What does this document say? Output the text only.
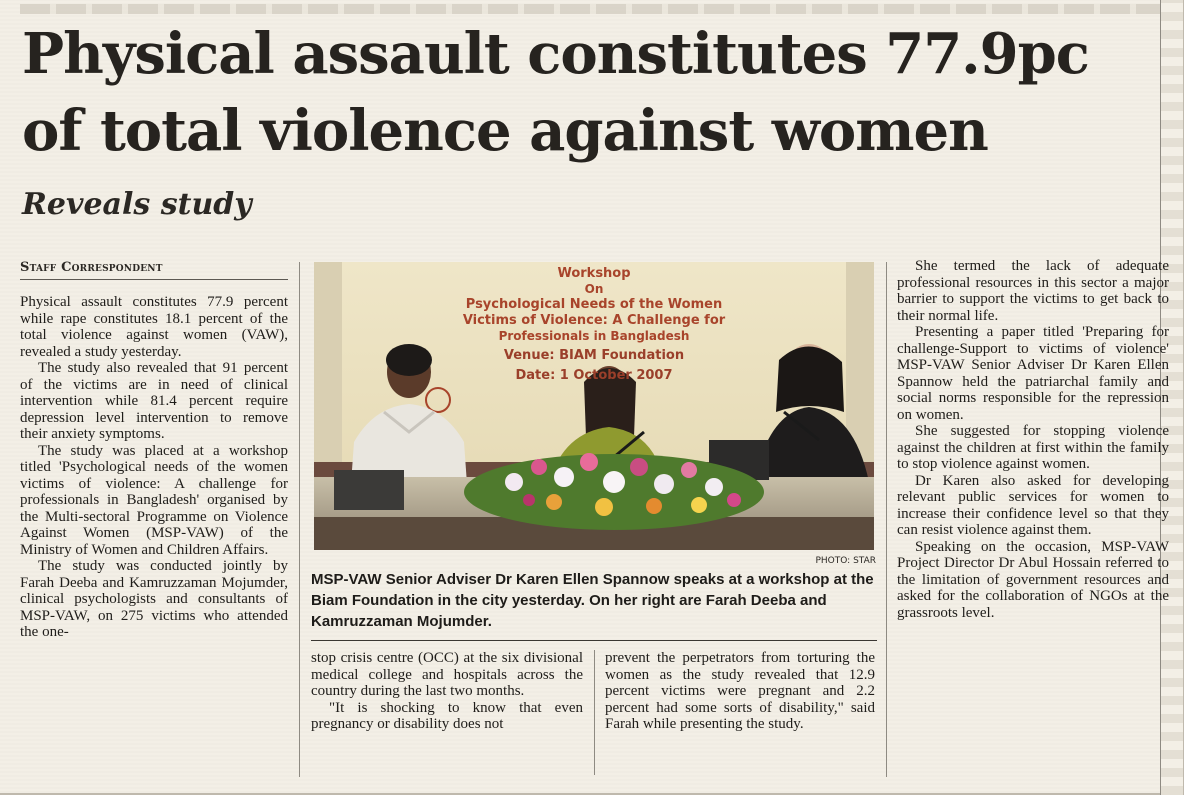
Physical assault constitutes 77.9pc
of total violence against women
Reveals study
Staff Correspondent

Physical assault constitutes 77.9 percent while rape constitutes 18.1 percent of the total violence against women (VAW), revealed a study yesterday.

The study also revealed that 91 percent of the victims are in need of clinical intervention while 81.4 percent require depression level intervention to remove their anxiety symptoms.

The study was placed at a workshop titled 'Psychological needs of the women victims of violence: A challenge for professionals in Bangladesh' organised by the Multi-sectoral Programme on Violence Against Women (MSP-VAW) of the Ministry of Women and Children Affairs.

The study was conducted jointly by Farah Deeba and Kamruzzaman Mojumder, clinical psychologists and consultants of MSP-VAW, on 275 victims who attended the one-

Workshop
On
Psychological Needs of the Women
Victims of Violence: A Challenge for
Professionals in Bangladesh
Venue: BIAM Foundation
Date: 1 October 2007
PHOTO: STAR

MSP-VAW Senior Adviser Dr Karen Ellen Spannow speaks at a workshop at the Biam Foundation in the city yesterday. On her right are Farah Deeba and Kamruzzaman Mojumder.

stop crisis centre (OCC) at the six divisional medical college and hospitals across the country during the last two months.

"It is shocking to know that even pregnancy or disability does not

prevent the perpetrators from torturing the women as the study revealed that 12.9 percent victims were pregnant and 2.2 percent had some sorts of disability," said Farah while presenting the study.

She termed the lack of adequate professional resources in this sector a major barrier to support the victims to get back to their normal life.

Presenting a paper titled 'Preparing for challenge-Support to victims of violence' MSP-VAW Senior Adviser Dr Karen Ellen Spannow held the patriarchal family and social norms responsible for the repression on women.

She suggested for stopping violence against the children at first within the family to stop violence against women.

Dr Karen also asked for developing relevant public services for women to increase their confidence level so that they can resist violence against them.

Speaking on the occasion, MSP-VAW Project Director Dr Abul Hossain referred to the limitation of government resources and asked for the collaboration of NGOs at the grassroots level.
